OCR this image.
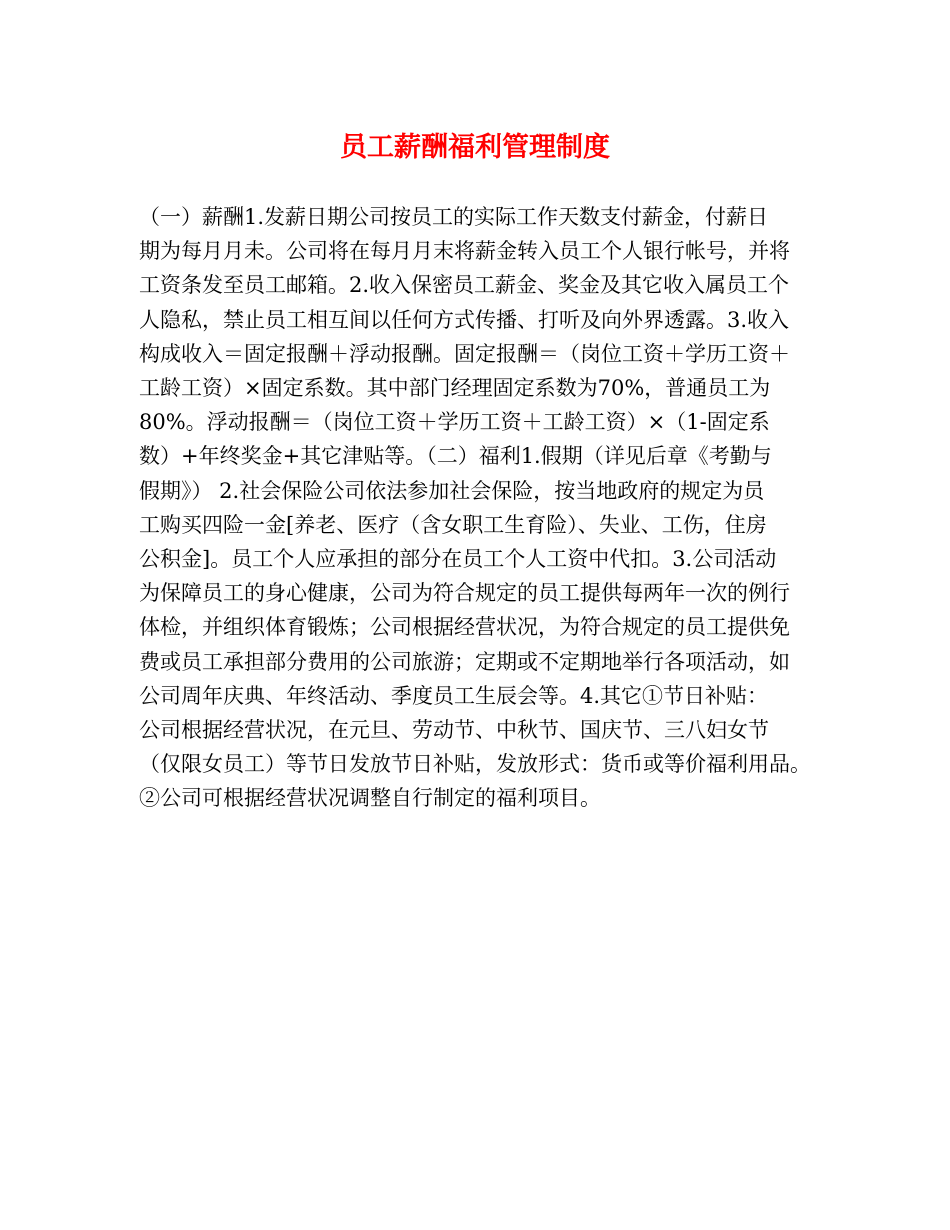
员工薪酬福利管理制度
（一）薪酬1.发薪日期公司按员工的实际工作天数支付薪金，付薪日
期为每月月未。公司将在每月月末将薪金转入员工个人银行帐号，并将
工资条发至员工邮箱。2.收入保密员工薪金、奖金及其它收入属员工个
人隐私，禁止员工相互间以任何方式传播、打听及向外界透露。3.收入
构成收入＝固定报酬＋浮动报酬。固定报酬＝（岗位工资＋学历工资＋
工龄工资）×固定系数。其中部门经理固定系数为70%，普通员工为
80%。浮动报酬＝（岗位工资＋学历工资＋工龄工资）×（1-固定系
数）+年终奖金+其它津贴等。（二）福利1.假期（详见后章《考勤与
假期》） 2.社会保险公司依法参加社会保险，按当地政府的规定为员
工购买四险一金[养老、医疗（含女职工生育险）、失业、工伤，住房
公积金]。员工个人应承担的部分在员工个人工资中代扣。3.公司活动
为保障员工的身心健康，公司为符合规定的员工提供每两年一次的例行
体检，并组织体育锻炼；公司根据经营状况，为符合规定的员工提供免
费或员工承担部分费用的公司旅游；定期或不定期地举行各项活动，如
公司周年庆典、年终活动、季度员工生辰会等。4.其它①节日补贴：
公司根据经营状况，在元旦、劳动节、中秋节、国庆节、三八妇女节
（仅限女员工）等节日发放节日补贴，发放形式：货币或等价福利用品。
②公司可根据经营状况调整自行制定的福利项目。
